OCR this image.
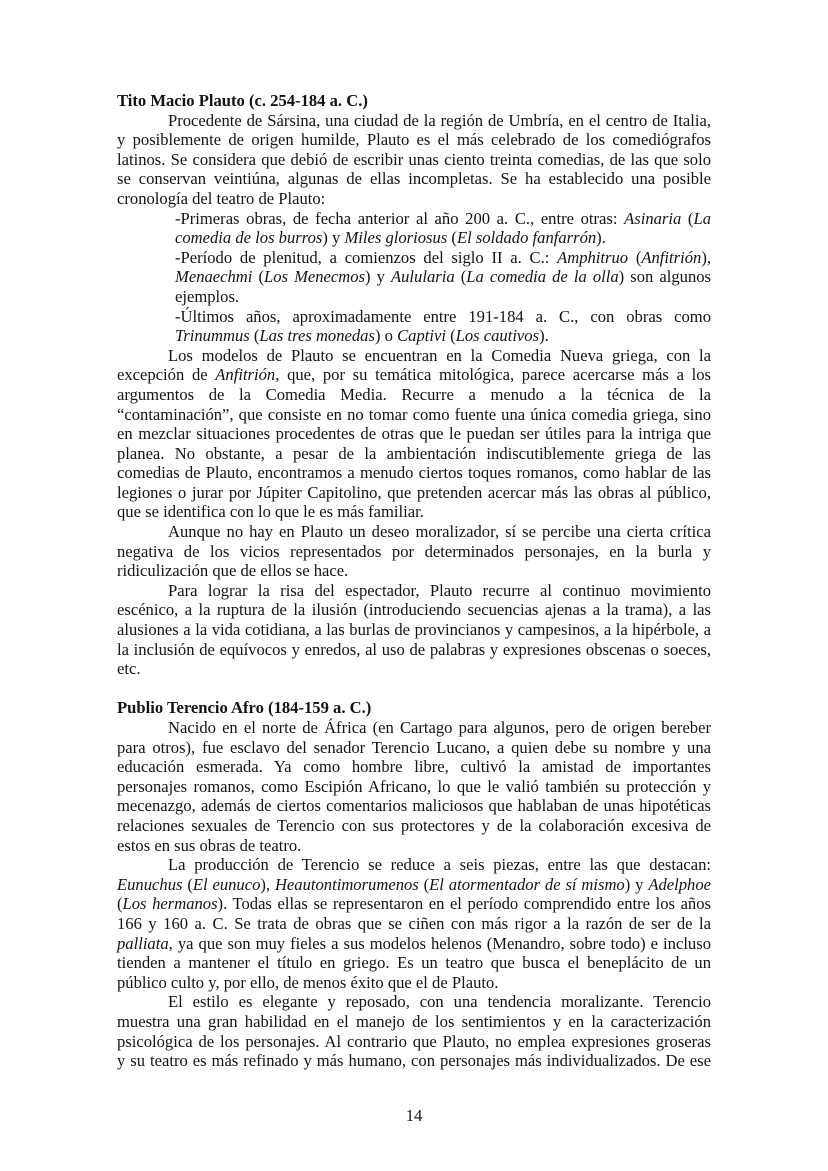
Tito Macio Plauto (c. 254-184 a. C.)
Procedente de Sársina, una ciudad de la región de Umbría, en el centro de Italia,
y posiblemente de origen humilde, Plauto es el más celebrado de los comediógrafos
latinos. Se considera que debió de escribir unas ciento treinta comedias, de las que solo
se conservan veintiúna, algunas de ellas incompletas. Se ha establecido una posible
cronología del teatro de Plauto:
-Primeras obras, de fecha anterior al año 200 a. C., entre otras: Asinaria (La
comedia de los burros) y Miles gloriosus (El soldado fanfarrón).
-Período de plenitud, a comienzos del siglo II a. C.: Amphitruo (Anfitrión),
Menaechmi (Los Menecmos) y Aulularia (La comedia de la olla) son algunos
ejemplos.
-Últimos años, aproximadamente entre 191-184 a. C., con obras como
Trinummus (Las tres monedas) o Captivi (Los cautivos).
Los modelos de Plauto se encuentran en la Comedia Nueva griega, con la
excepción de Anfitrión, que, por su temática mitológica, parece acercarse más a los
argumentos de la Comedia Media. Recurre a menudo a la técnica de la
“contaminación”, que consiste en no tomar como fuente una única comedia griega, sino
en mezclar situaciones procedentes de otras que le puedan ser útiles para la intriga que
planea. No obstante, a pesar de la ambientación indiscutiblemente griega de las
comedias de Plauto, encontramos a menudo ciertos toques romanos, como hablar de las
legiones o jurar por Júpiter Capitolino, que pretenden acercar más las obras al público,
que se identifica con lo que le es más familiar.
Aunque no hay en Plauto un deseo moralizador, sí se percibe una cierta crítica
negativa de los vicios representados por determinados personajes, en la burla y
ridiculización que de ellos se hace.
Para lograr la risa del espectador, Plauto recurre al continuo movimiento
escénico, a la ruptura de la ilusión (introduciendo secuencias ajenas a la trama), a las
alusiones a la vida cotidiana, a las burlas de provincianos y campesinos, a la hipérbole, a
la inclusión de equívocos y enredos, al uso de palabras y expresiones obscenas o soeces,
etc.
Publio Terencio Afro (184-159 a. C.)
Nacido en el norte de África (en Cartago para algunos, pero de origen bereber
para otros), fue esclavo del senador Terencio Lucano, a quien debe su nombre y una
educación esmerada. Ya como hombre libre, cultivó la amistad de importantes
personajes romanos, como Escipión Africano, lo que le valió también su protección y
mecenazgo, además de ciertos comentarios maliciosos que hablaban de unas hipotéticas
relaciones sexuales de Terencio con sus protectores y de la colaboración excesiva de
estos en sus obras de teatro.
La producción de Terencio se reduce a seis piezas, entre las que destacan:
Eunuchus (El eunuco), Heautontimorumenos (El atormentador de sí mismo) y Adelphoe
(Los hermanos). Todas ellas se representaron en el período comprendido entre los años
166 y 160 a. C. Se trata de obras que se ciñen con más rigor a la razón de ser de la
palliata, ya que son muy fieles a sus modelos helenos (Menandro, sobre todo) e incluso
tienden a mantener el título en griego. Es un teatro que busca el beneplácito de un
público culto y, por ello, de menos éxito que el de Plauto.
El estilo es elegante y reposado, con una tendencia moralizante. Terencio
muestra una gran habilidad en el manejo de los sentimientos y en la caracterización
psicológica de los personajes. Al contrario que Plauto, no emplea expresiones groseras
y su teatro es más refinado y más humano, con personajes más individualizados. De ese
14
